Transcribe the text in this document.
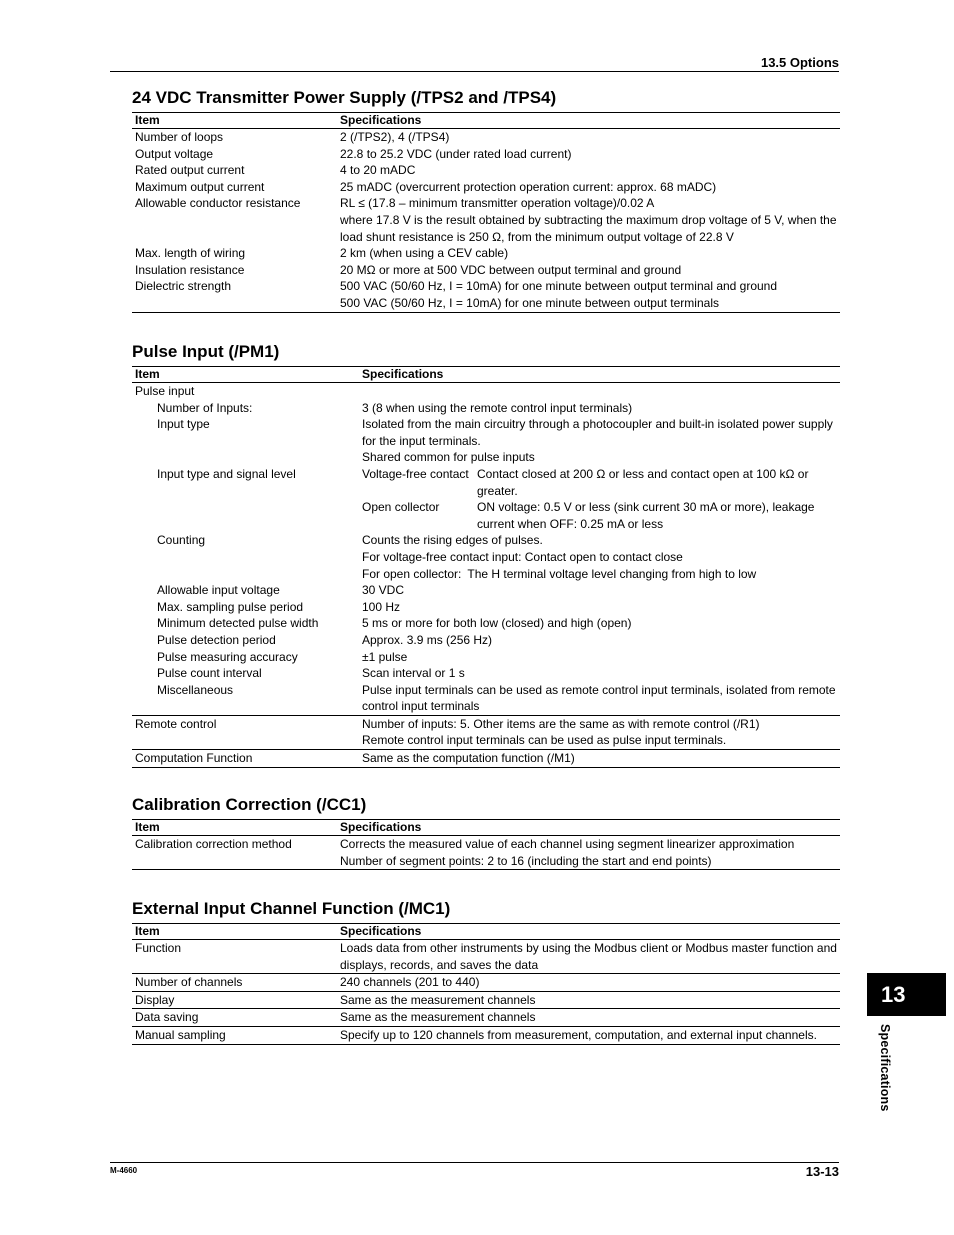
13.5 Options
24 VDC Transmitter Power Supply (/TPS2 and /TPS4)
Item	Specifications
Number of loops	2 (/TPS2), 4 (/TPS4)
Output voltage	22.8 to 25.2 VDC (under rated load current)
Rated output current	4 to 20 mADC
Maximum output current	25 mADC (overcurrent protection operation current: approx. 68 mADC)
Allowable conductor resistance	RL ≤ (17.8 – minimum transmitter operation voltage)/0.02 A
	where 17.8 V is the result obtained by subtracting the maximum drop voltage of 5 V, when the load shunt resistance is 250 Ω, from the minimum output voltage of 22.8 V
Max. length of wiring	2 km (when using a CEV cable)
Insulation resistance	20 MΩ or more at 500 VDC between output terminal and ground
Dielectric strength	500 VAC (50/60 Hz, I = 10mA) for one minute between output terminal and ground
	500 VAC (50/60 Hz, I = 10mA) for one minute between output terminals
Pulse Input (/PM1)
Item	Specifications
Pulse input	
Number of Inputs:	3 (8 when using the remote control input terminals)
Input type	Isolated from the main circuitry through a photocoupler and built-in isolated power supply for the input terminals.
Shared common for pulse inputs

Input type and signal level	Voltage-free contact Contact closed at 200 Ω or less and contact open at 100 kΩ or greater.
Open collector ON voltage: 0.5 V or less (sink current 30 mA or more), leakage current when OFF: 0.25 mA or less

Counting	Counts the rising edges of pulses.
For voltage-free contact input: Contact open to contact close
For open collector: The H terminal voltage level changing from high to low

Allowable input voltage	30 VDC
Max. sampling pulse period	100 Hz
Minimum detected pulse width	5 ms or more for both low (closed) and high (open)
Pulse detection period	Approx. 3.9 ms (256 Hz)
Pulse measuring accuracy	±1 pulse
Pulse count interval	Scan interval or 1 s
Miscellaneous	Pulse input terminals can be used as remote control input terminals, isolated from remote control input terminals
Remote control	Number of inputs: 5. Other items are the same as with remote control (/R1)
Remote control input terminals can be used as pulse input terminals.

Computation Function	Same as the computation function (/M1)
Calibration Correction (/CC1)
Item	Specifications
Calibration correction method	Corrects the measured value of each channel using segment linearizer approximation
Number of segment points: 2 to 16 (including the start and end points)
External Input Channel Function (/MC1)
Item	Specifications
Function	Loads data from other instruments by using the Modbus client or Modbus master function and displays, records, and saves the data
Number of channels	240 channels (201 to 440)
Display	Same as the measurement channels
Data saving	Same as the measurement channels
Manual sampling	Specify up to 120 channels from measurement, computation, and external input channels.
13
Specifications
M-4660	13-13
